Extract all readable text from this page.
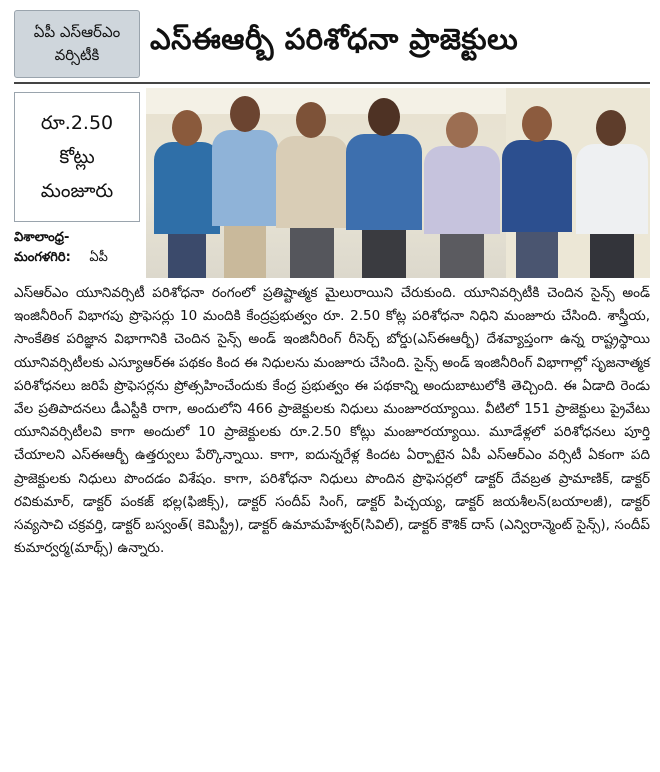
ఏపీ ఎస్ఆర్ఎం
వర్సిటీకి ఎస్ఈఆర్బీ పరిశోధనా ప్రాజెక్టులు
రూ.2.50
కోట్లు
మంజూరు
విశాలాంధ్ర-
మంగళగిరి: ఏపీ

ఎస్ఆర్ఎం యూనివర్సిటీ పరిశోధనా రంగంలో ప్రతిష్టాత్మక మైలురాయిని చేరుకుంది. యూనివర్సిటీకి చెందిన సైన్స్ అండ్ ఇంజినీరింగ్ విభాగపు ప్రొఫెసర్లు 10 మందికి కేంద్రప్రభుత్వం రూ. 2.50 కోట్ల పరిశోధనా నిధిని మంజూరు చేసింది. శాస్త్రీయ, సాంకేతిక పరిజ్ఞాన విభాగానికి చెందిన సైన్స్ అండ్ ఇంజినీరింగ్ రీసెర్చ్ బోర్డు(ఎస్ఈఆర్బీ) దేశవ్యాప్తంగా ఉన్న రాష్ట్రస్థాయి యూనివర్సిటీలకు ఎస్యూఆర్ఈ పథకం కింద ఈ నిధులను మంజూరు చేసింది. సైన్స్ అండ్ ఇంజినీరింగ్ విభాగాల్లో సృజనాత్మక పరిశోధనలు జరిపే ప్రొఫెసర్లను ప్రోత్సహించేందుకు కేంద్ర ప్రభుత్వం ఈ పథకాన్ని అందుబాటులోకి తెచ్చింది. ఈ ఏడాది రెండు వేల ప్రతిపాదనలు డీఎస్టీకి రాగా, అందులోని 466 ప్రాజెక్టులకు నిధులు మంజూరయ్యాయి. వీటిలో 151 ప్రాజెక్టులు ప్రైవేటు యూనివర్సిటీలవి కాగా అందులో 10 ప్రాజెక్టులకు రూ.2.50 కోట్లు మంజూరయ్యాయి. మూడేళ్లలో పరిశోధనలు పూర్తి చేయాలని ఎస్ఈఆర్బీ ఉత్తర్వులు పేర్కొన్నాయి. కాగా, ఐదున్నరేళ్ల కిందట ఏర్పాటైన ఏపీ ఎస్ఆర్ఎం వర్సిటీ ఏకంగా పది ప్రాజెక్టులకు నిధులు పొందడం విశేషం. కాగా, పరిశోధనా నిధులు పొందిన ప్రొఫెసర్లలో డాక్టర్ దేవబ్రత ప్రామాణిక్, డాక్టర్ రవికుమార్, డాక్టర్ పంకజ్ భల్ల(ఫిజిక్స్), డాక్టర్ సందీప్ సింగ్, డాక్టర్ పిచ్చయ్య, డాక్టర్ జయశీలన్(బయాలజీ), డాక్టర్ సవ్యసాచి చక్రవర్తి, డాక్టర్ బస్వంత్( కెమిస్ట్రీ), డాక్టర్ ఉమామహేశ్వర్(సివిల్), డాక్టర్ కౌశిక్ దాస్ (ఎన్విరాన్మెంట్ సైన్స్), సందీప్ కుమార్వర్మ(మాథ్స్) ఉన్నారు.
